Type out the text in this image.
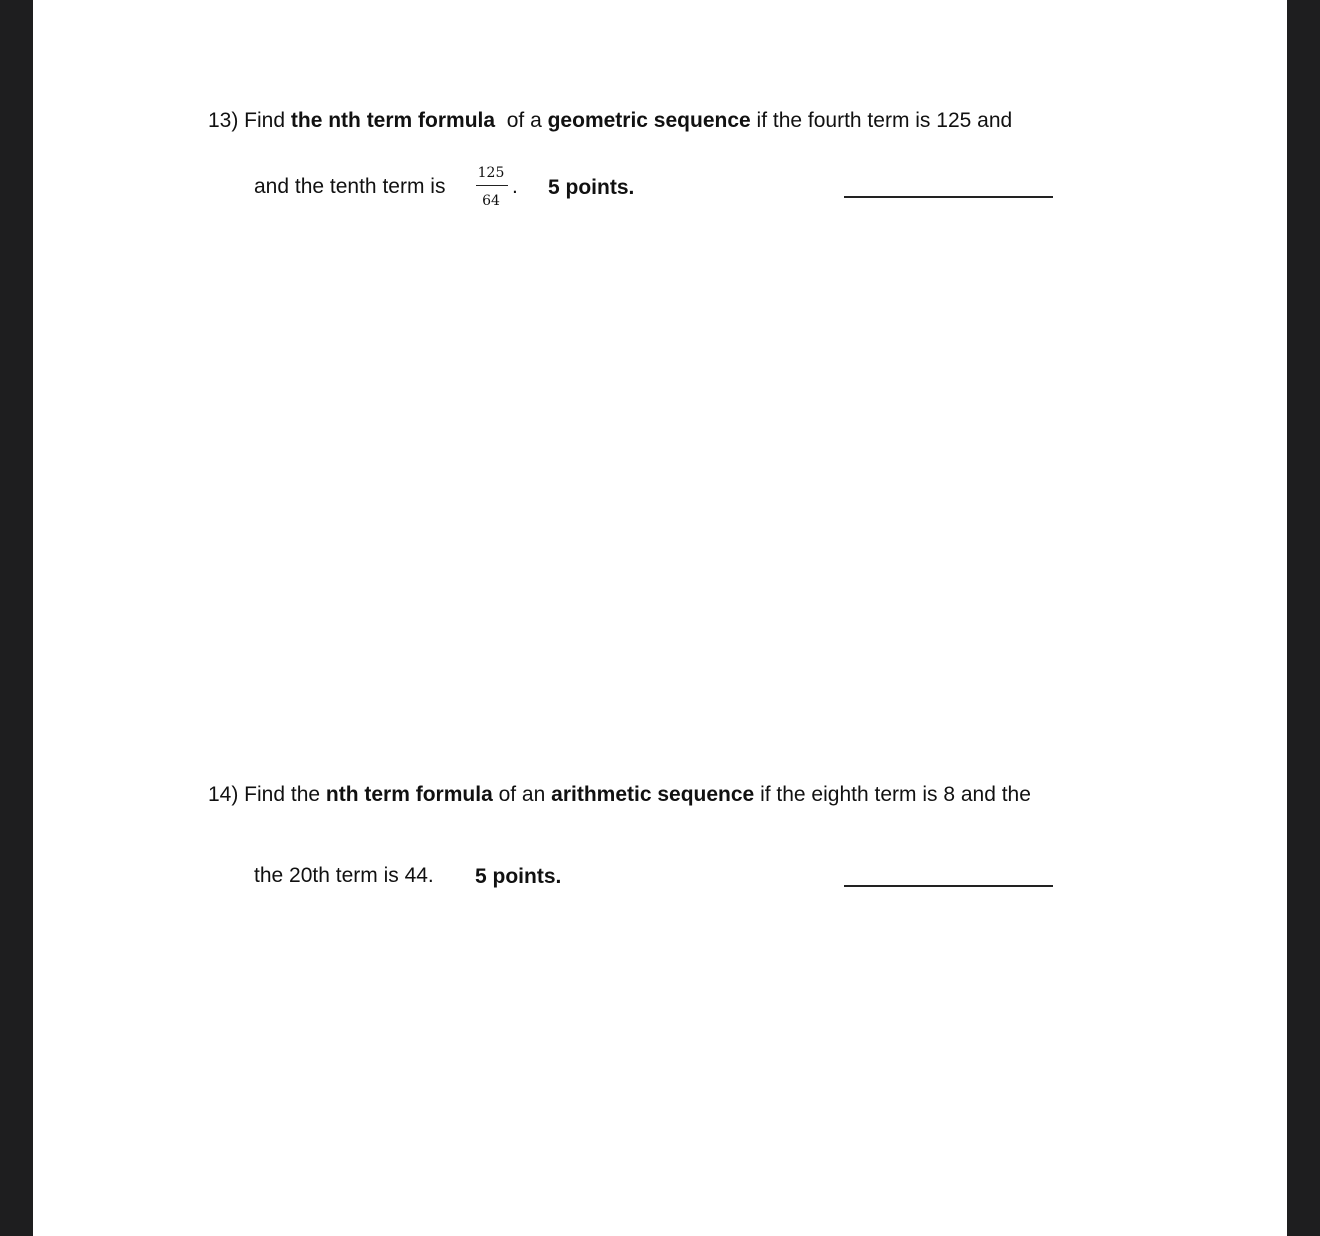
13) Find the nth term formula of a geometric sequence if the fourth term is 125 and
and the tenth term is
125
64
. 5 points.
14) Find the nth term formula of an arithmetic sequence if the eighth term is 8 and the
the 20th term is 44. 5 points.
